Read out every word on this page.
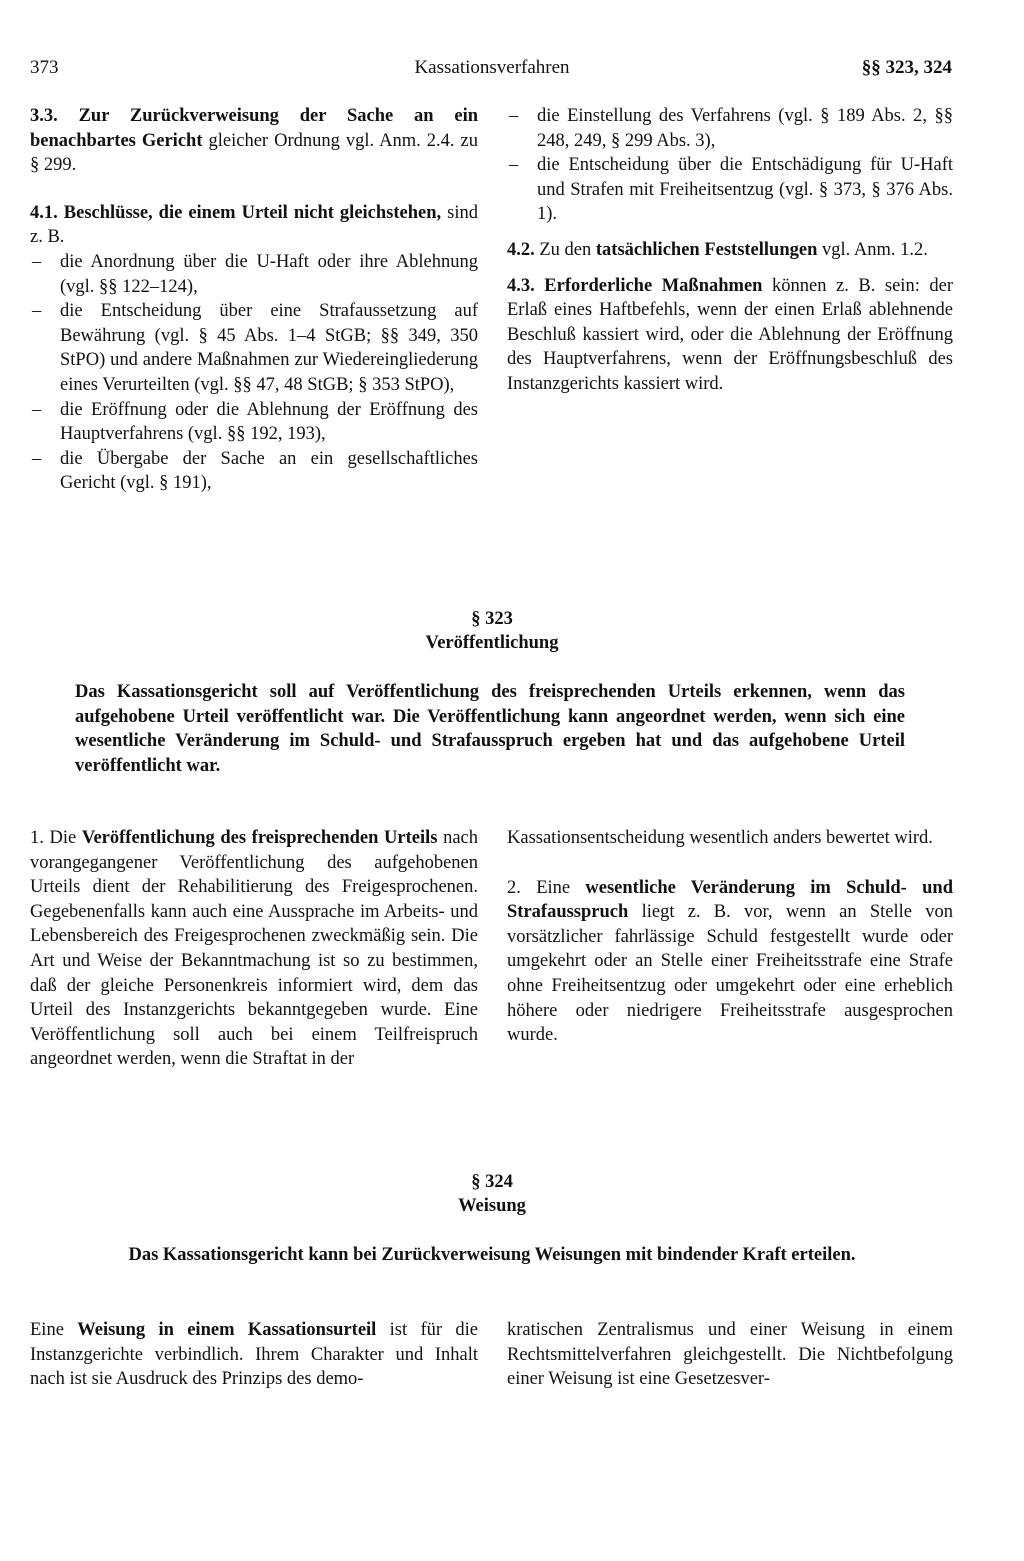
373	Kassationsverfahren	§§ 323, 324

3.3. Zur Zurückverweisung der Sache an ein benachbartes Gericht gleicher Ordnung vgl. Anm. 2.4. zu § 299.

4.1. Beschlüsse, die einem Urteil nicht gleichstehen, sind z. B.

– die Anordnung über die U-Haft oder ihre Ablehnung (vgl. §§ 122–124),

– die Entscheidung über eine Strafaussetzung auf Bewährung (vgl. § 45 Abs. 1–4 StGB; §§ 349, 350 StPO) und andere Maßnahmen zur Wiedereingliederung eines Verurteilten (vgl. §§ 47, 48 StGB; § 353 StPO),

– die Eröffnung oder die Ablehnung der Eröffnung des Hauptverfahrens (vgl. §§ 192, 193),

– die Übergabe der Sache an ein gesellschaftliches Gericht (vgl. § 191),

– die Einstellung des Verfahrens (vgl. § 189 Abs. 2, §§ 248, 249, § 299 Abs. 3),

– die Entscheidung über die Entschädigung für U-Haft und Strafen mit Freiheitsentzug (vgl. § 373, § 376 Abs. 1).

4.2. Zu den tatsächlichen Feststellungen vgl. Anm. 1.2.

4.3. Erforderliche Maßnahmen können z. B. sein: der Erlaß eines Haftbefehls, wenn der einen Erlaß ablehnende Beschluß kassiert wird, oder die Ablehnung der Eröffnung des Hauptverfahrens, wenn der Eröffnungsbeschluß des Instanzgerichts kassiert wird.

§ 323
Veröffentlichung
Das Kassationsgericht soll auf Veröffentlichung des freisprechenden Urteils erkennen, wenn das aufgehobene Urteil veröffentlicht war. Die Veröffentlichung kann angeordnet werden, wenn sich eine wesentliche Veränderung im Schuld- und Strafausspruch ergeben hat und das aufgehobene Urteil veröffentlicht war.

1. Die Veröffentlichung des freisprechenden Urteils nach vorangegangener Veröffentlichung des aufgehobenen Urteils dient der Rehabilitierung des Freigesprochenen. Gegebenenfalls kann auch eine Aussprache im Arbeits- und Lebensbereich des Freigesprochenen zweckmäßig sein. Die Art und Weise der Bekanntmachung ist so zu bestimmen, daß der gleiche Personenkreis informiert wird, dem das Urteil des Instanzgerichts bekanntgegeben wurde. Eine Veröffentlichung soll auch bei einem Teilfreispruch angeordnet werden, wenn die Straftat in der

Kassationsentscheidung wesentlich anders bewertet wird.

2. Eine wesentliche Veränderung im Schuld- und Strafausspruch liegt z. B. vor, wenn an Stelle von vorsätzlicher fahrlässige Schuld festgestellt wurde oder umgekehrt oder an Stelle einer Freiheitsstrafe eine Strafe ohne Freiheitsentzug oder umgekehrt oder eine erheblich höhere oder niedrigere Freiheitsstrafe ausgesprochen wurde.

§ 324
Weisung
Das Kassationsgericht kann bei Zurückverweisung Weisungen mit bindender Kraft erteilen.

Eine Weisung in einem Kassationsurteil ist für die Instanzgerichte verbindlich. Ihrem Charakter und Inhalt nach ist sie Ausdruck des Prinzips des demo-

kratischen Zentralismus und einer Weisung in einem Rechtsmittelverfahren gleichgestellt. Die Nichtbefolgung einer Weisung ist eine Gesetzesver-
